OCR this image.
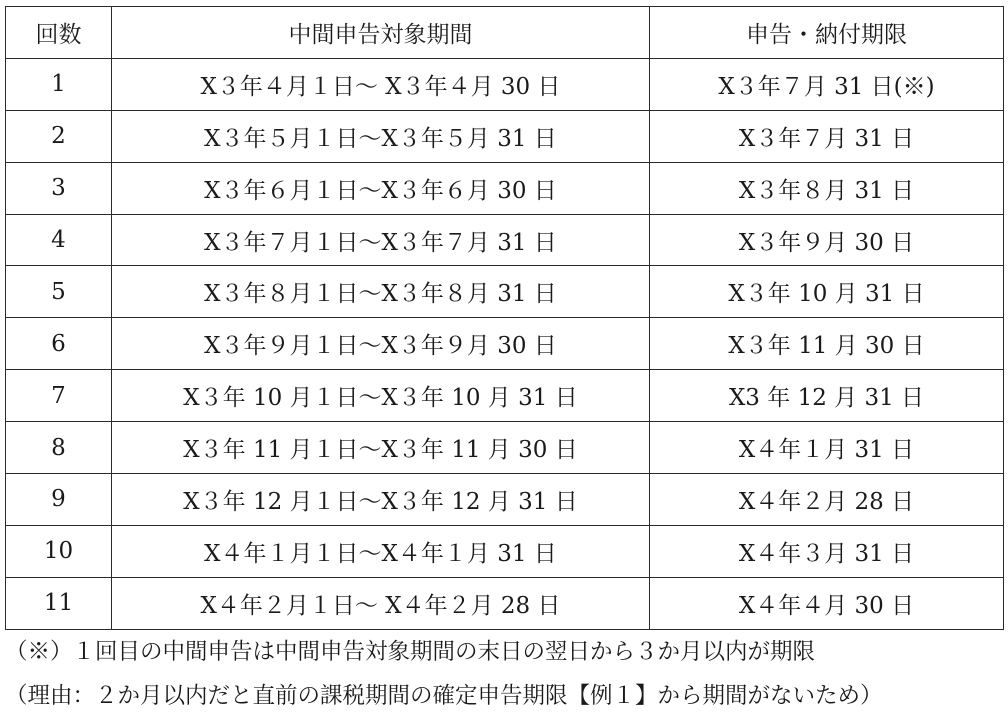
回数	中間申告対象期間	申告・納付期限
1	X３年４月１日〜 X３年４月 30 日	X３年７月 31 日(※)
2	X３年５月１日〜X３年５月 31 日	X３年７月 31 日
3	X３年６月１日〜X３年６月 30 日	X３年８月 31 日
4	X３年７月１日〜X３年７月 31 日	X３年９月 30 日
5	X３年８月１日〜X３年８月 31 日	X３年 10 月 31 日
6	X３年９月１日〜X３年９月 30 日	X３年 11 月 30 日
7	X３年 10 月１日〜X３年 10 月 31 日	X3 年 12 月 31 日
8	X３年 11 月１日〜X３年 11 月 30 日	X４年１月 31 日
9	X３年 12 月１日〜X３年 12 月 31 日	X４年２月 28 日
10	X４年１月１日〜X４年１月 31 日	X４年３月 31 日
11	X４年２月１日〜 X４年２月 28 日	X４年４月 30 日
（※）１回目の中間申告は中間申告対象期間の末日の翌日から３か月以内が期限
（理由：２か月以内だと直前の課税期間の確定申告期限【例１】から期間がないため）
